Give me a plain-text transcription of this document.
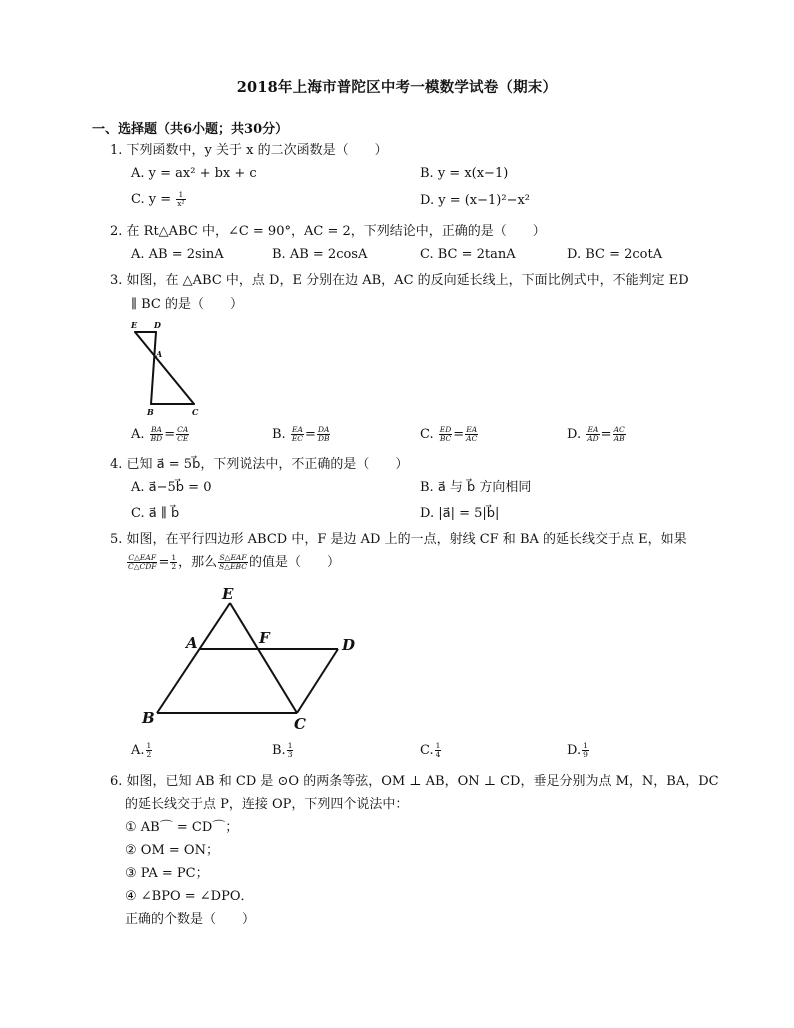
2018年上海市普陀区中考一模数学试卷（期末）
一、选择题（共6小题；共30分）
1. 下列函数中，y 关于 x 的二次函数是（　　）
A. y = ax² + bx + c	B. y = x(x−1)
C. $y = \frac{1}{\text{x²}}$	D. y = (x−1)²−x²
2. 在 Rt△ABC 中，∠C = 90°，AC = 2，下列结论中，正确的是（　　）
A. AB = 2sinA	B. AB = 2cosA	C. BC = 2tanA	D. BC = 2cotA
3. 如图，在 △ABC 中，点 D，E 分别在边 AB，AC 的反向延长线上，下面比例式中，不能判定 ED
∥ BC 的是（　　）
E D
A
B	C
A. $\frac{BA}{BD} = \frac{CA}{CE}$	B. $\frac{EA}{EC} = \frac{DA}{DB}$	C. $\frac{ED}{BC} = \frac{EA}{AC}$	D. $\frac{EA}{AD} = \frac{AC}{AB}$
4. 已知 a⃗ = 5b⃗，下列说法中，不正确的是（　　）
A. a⃗−5b⃗ = 0	B. a⃗ 与 b⃗ 方向相同
C. a⃗ ∥ b⃗	D. |a⃗| = 5|b⃗|
5. 如图，在平行四边形 ABCD 中，F 是边 AD 上的一点，射线 CF 和 BA 的延长线交于点 E，如果
$\frac{\text{C△EAF}}{\text{C△CDF}} = \frac{1}{2}$ ，那么 $\frac{\text{S△EAF}}{\text{S△EBC}}$ 的值是（　　）
E
A	F	D
B	C
A. $\frac{1}{2}$	B. $\frac{1}{3}$	C. $\frac{1}{4}$	D. $\frac{1}{9}$
6. 如图，已知 AB 和 CD 是 ⊙O 的两条等弦，OM ⊥ AB，ON ⊥ CD，垂足分别为点 M，N，BA，DC
的延长线交于点 P，连接 OP，下列四个说法中：
① AB⌒ = CD⌒；
② OM = ON；
③ PA = PC；
④ ∠BPO = ∠DPO．
正确的个数是（　　）
